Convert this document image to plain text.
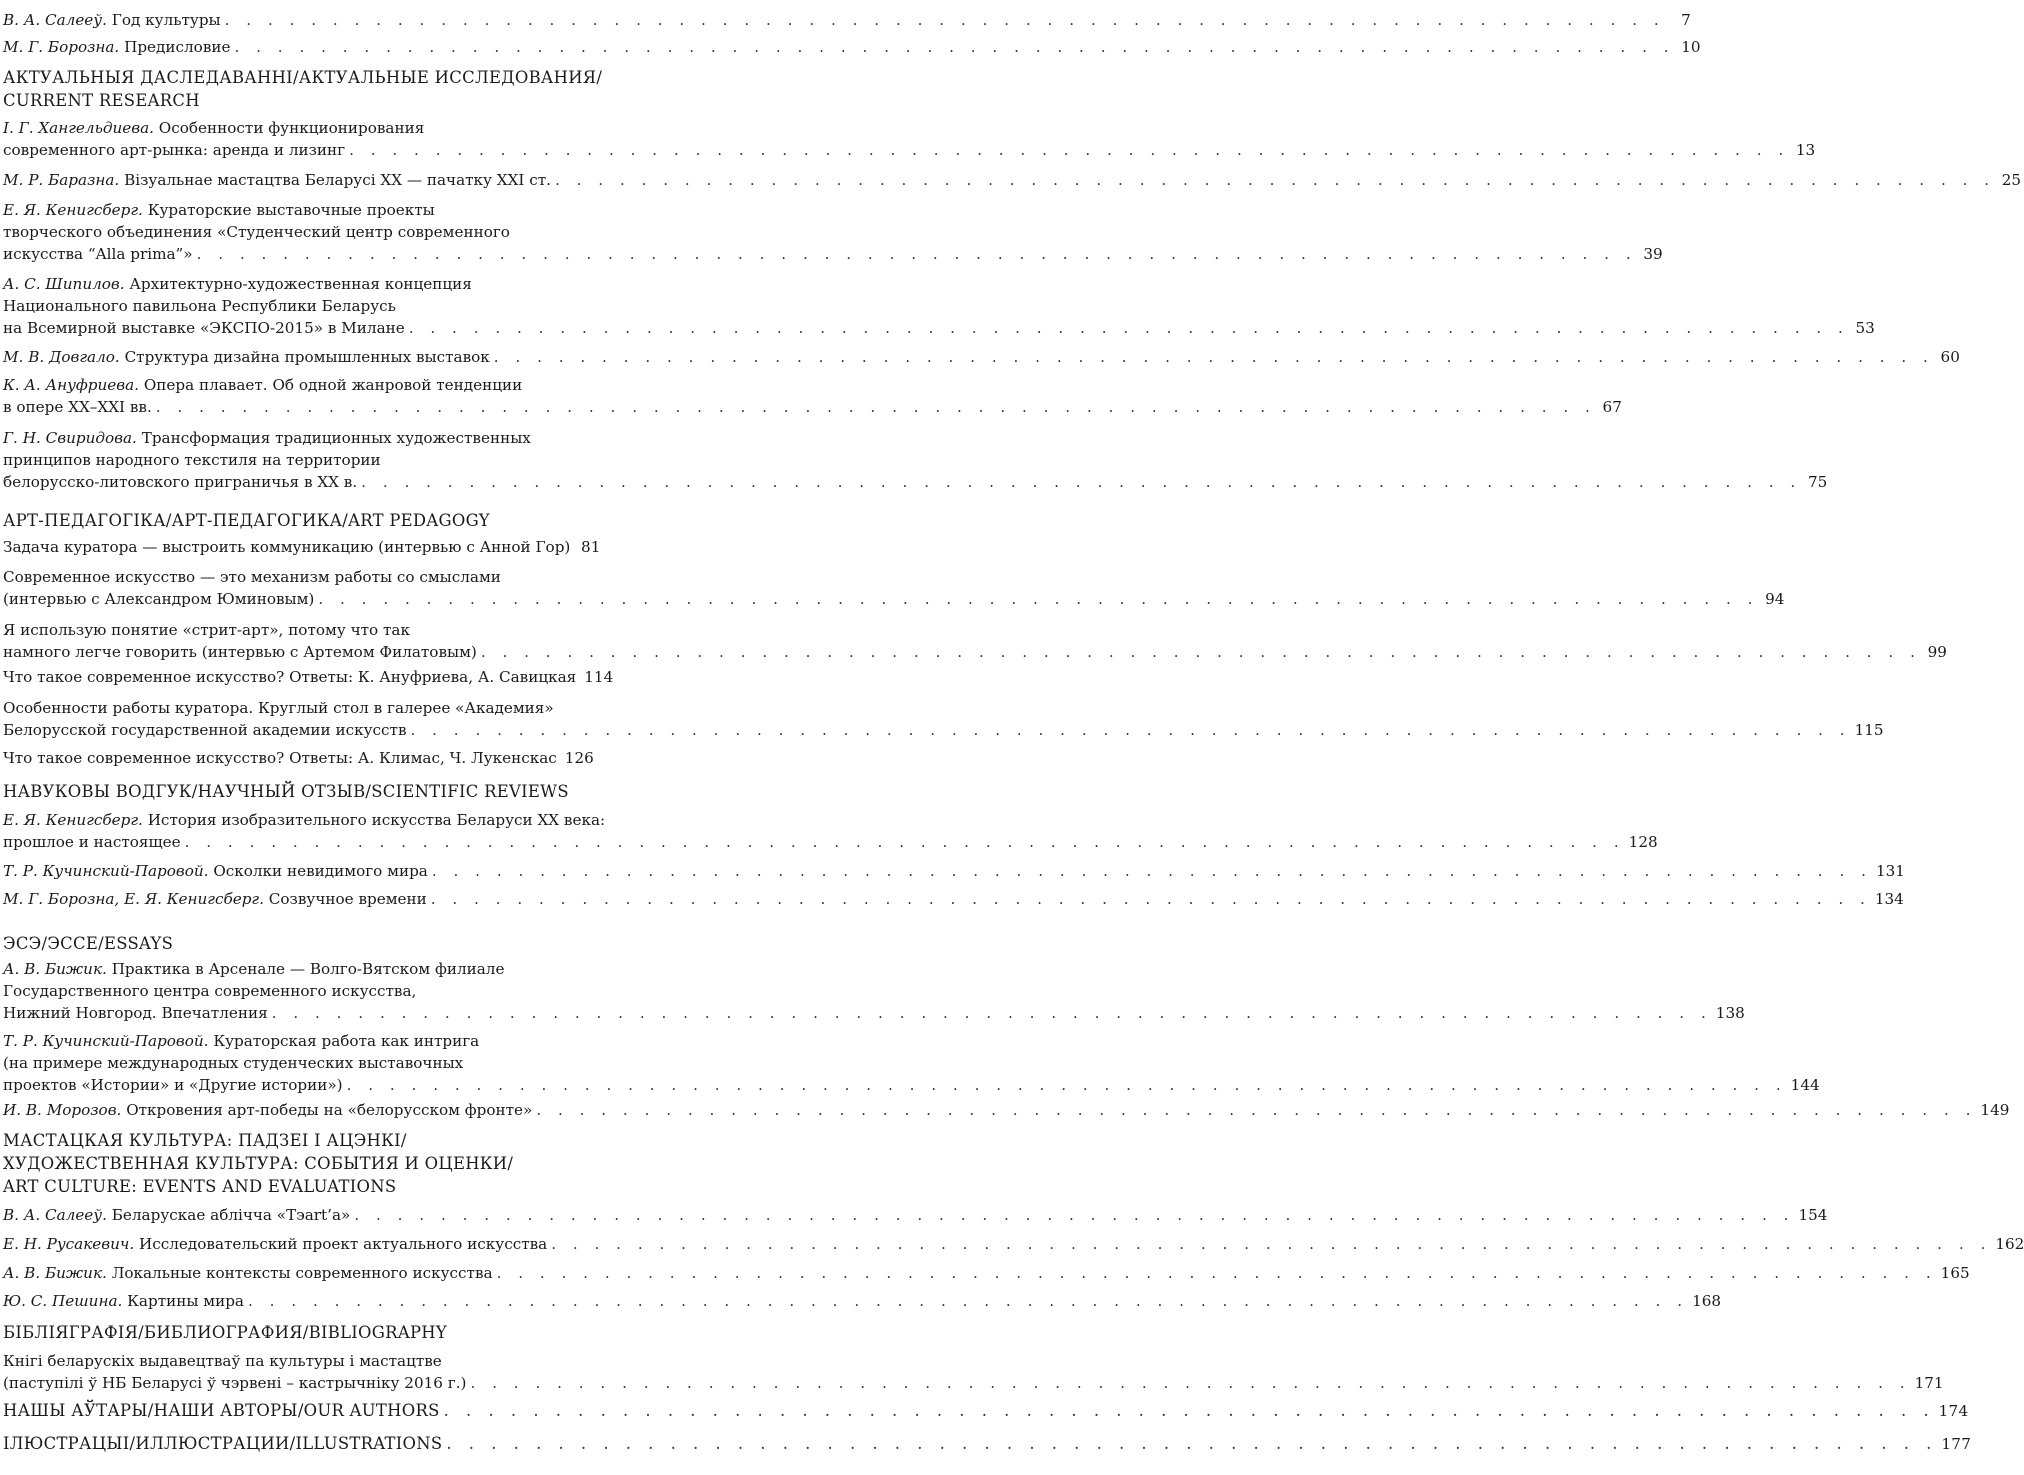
В. А. Салееў. Год культуры . . .	7
М. Г. Борозна. Предисловие . . .	10
АКТУАЛЬНЫЯ ДАСЛЕДАВАННІ/АКТУАЛЬНЫЕ ИССЛЕДОВАНИЯ/
CURRENT RESEARCH
І. Г. Хангельдиева. Особенности функционирования
современного арт-рынка: аренда и лизинг . . .	13
М. Р. Баразна. Візуальнае мастацтва Беларусі XX — пачатку XXI ст. . . .	25
Е. Я. Кенигсберг. Кураторские выставочные проекты
творческого объединения «Студенческий центр современного
искусства “Alla prima”» . . .	39
А. С. Шипилов. Архитектурно-художественная концепция
Национального павильона Республики Беларусь
на Всемирной выставке «ЭКСПО-2015» в Милане . . .	53
М. В. Довгало. Структура дизайна промышленных выставок . . .	60
К. А. Ануфриева. Опера плавает. Об одной жанровой тенденции
в опере XX–XXI вв. . . .	67
Г. Н. Свиридова. Трансформация традиционных художественных
принципов народного текстиля на территории
белорусско-литовского приграничья в XX в. . . .	75
АРТ-ПЕДАГОГІКА/АРТ-ПЕДАГОГИКА/ART PEDAGOGY
Задача куратора — выстроить коммуникацию (интервью с Анной Гор) 81
Современное искусство — это механизм работы со смыслами
(интервью с Александром Юминовым) . . .	94
Я использую понятие «стрит-арт», потому что так
намного легче говорить (интервью с Артемом Филатовым) . . .	99
Что такое современное искусство? Ответы: К. Ануфриева, А. Савицкая 114
Особенности работы куратора. Круглый стол в галерее «Академия»
Белорусской государственной академии искусств . . .	115
Что такое современное искусство? Ответы: А. Климас, Ч. Лукенскас 126
НАВУКОВЫ ВОДГУК/НАУЧНЫЙ ОТЗЫВ/SCIENTIFIC REVIEWS
Е. Я. Кенигсберг. История изобразительного искусства Беларуси XX века:
прошлое и настоящее . . .	128
Т. Р. Кучинский-Паровой. Осколки невидимого мира . . .	131
М. Г. Борозна, Е. Я. Кенигсберг. Созвучное времени . . .	134
ЭСЭ/ЭССЕ/ESSAYS
А. В. Бижик. Практика в Арсенале — Волго-Вятском филиале
Государственного центра современного искусства,
Нижний Новгород. Впечатления . . .	138
Т. Р. Кучинский-Паровой. Кураторская работа как интрига
(на примере международных студенческих выставочных
проектов «Истории» и «Другие истории») . . .	144
И. В. Морозов. Откровения арт-победы на «белорусском фронте» . . .	149
МАСТАЦКАЯ КУЛЬТУРА: ПАДЗЕІ І АЦЭНКІ/
ХУДОЖЕСТВЕННАЯ КУЛЬТУРА: СОБЫТИЯ И ОЦЕНКИ/
ART CULTURE: EVENTS AND EVALUATIONS
В. А. Салееў. Беларускае аблічча «Тэart’а» . . .	154
Е. Н. Русакевич. Исследовательский проект актуального искусства . . .	162
А. В. Бижик. Локальные контексты современного искусства . . .	165
Ю. С. Пешина. Картины мира . . .	168
БІБЛІЯГРАФІЯ/БИБЛИОГРАФИЯ/BIBLIOGRAPHY
Кнігі беларускіх выдавецтваў па культуры і мастацтве
(паступілі ў НБ Беларусі ў чэрвені – кастрычніку 2016 г.) . . .	171
НАШЫ АЎТАРЫ/НАШИ АВТОРЫ/OUR AUTHORS . . .	174
ІЛЮСТРАЦЫІ/ИЛЛЮСТРАЦИИ/ILLUSTRATIONS . . .	177
